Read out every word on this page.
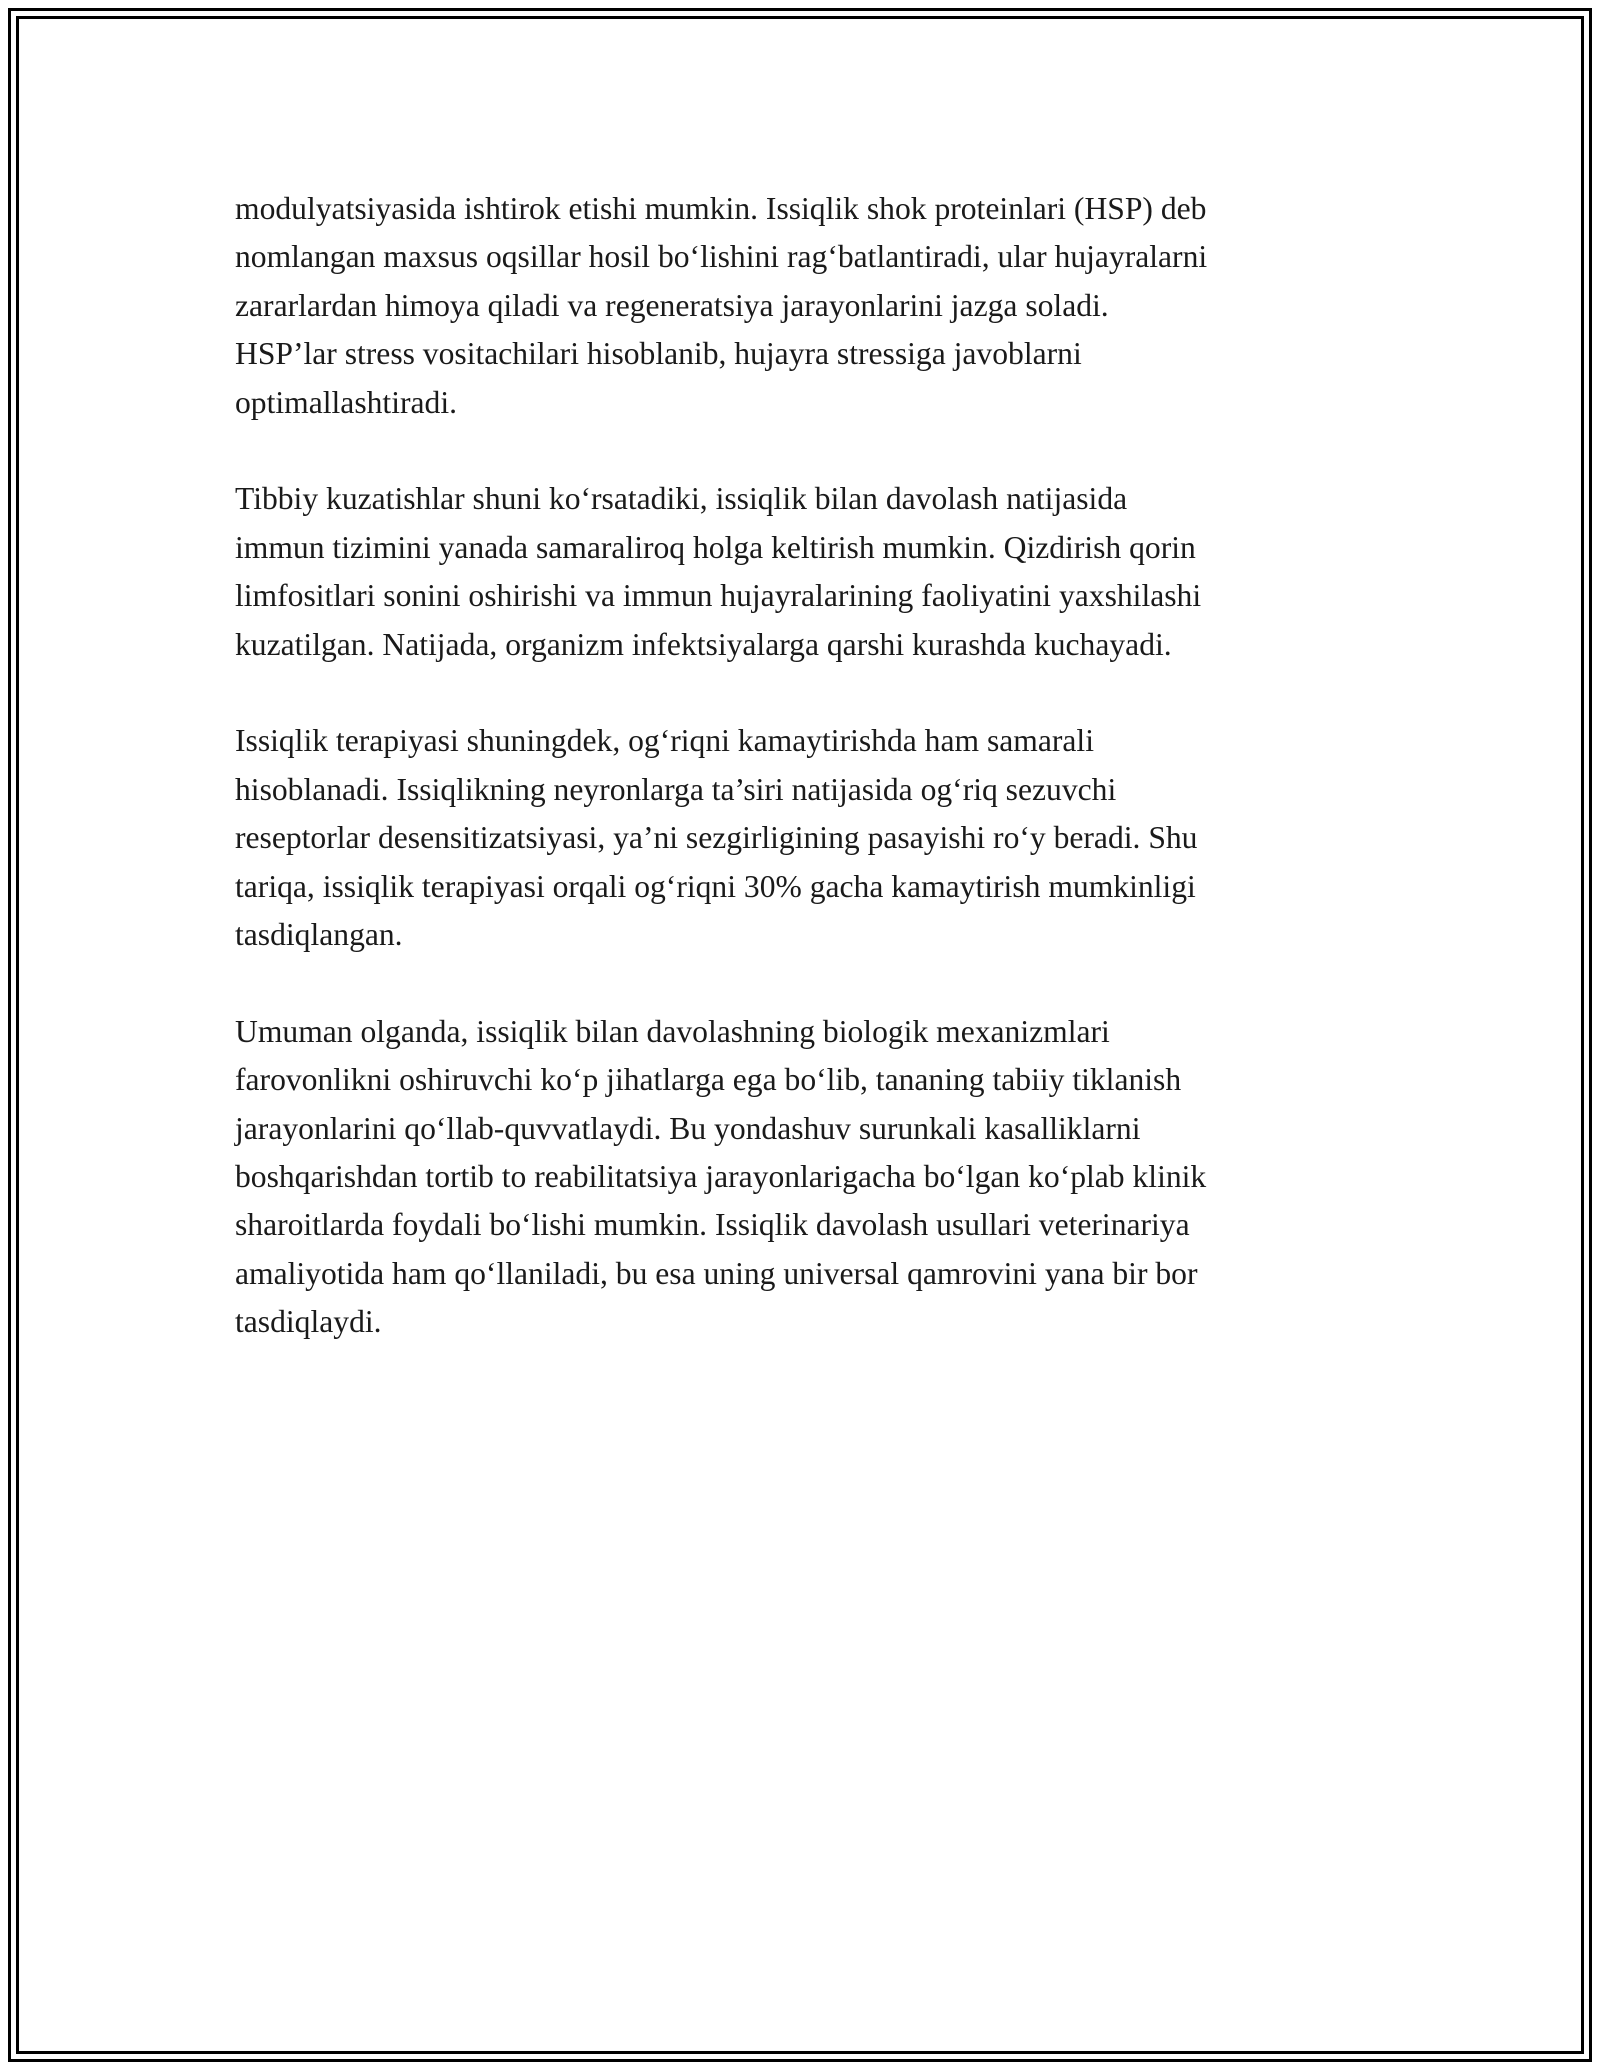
modulyatsiyasida ishtirok etishi mumkin. Issiqlik shok proteinlari (HSP) deb
nomlangan maxsus oqsillar hosil bo‘lishini rag‘batlantiradi, ular hujayralarni
zararlardan himoya qiladi va regeneratsiya jarayonlarini jazga soladi.
HSP’lar stress vositachilari hisoblanib, hujayra stressiga javoblarni
optimallashtiradi.

Tibbiy kuzatishlar shuni ko‘rsatadiki, issiqlik bilan davolash natijasida
immun tizimini yanada samaraliroq holga keltirish mumkin. Qizdirish qorin
limfositlari sonini oshirishi va immun hujayralarining faoliyatini yaxshilashi
kuzatilgan. Natijada, organizm infektsiyalarga qarshi kurashda kuchayadi.

Issiqlik terapiyasi shuningdek, og‘riqni kamaytirishda ham samarali
hisoblanadi. Issiqlikning neyronlarga ta’siri natijasida og‘riq sezuvchi
reseptorlar desensitizatsiyasi, ya’ni sezgirligining pasayishi ro‘y beradi. Shu
tariqa, issiqlik terapiyasi orqali og‘riqni 30% gacha kamaytirish mumkinligi
tasdiqlangan.

Umuman olganda, issiqlik bilan davolashning biologik mexanizmlari
farovonlikni oshiruvchi ko‘p jihatlarga ega bo‘lib, tananing tabiiy tiklanish
jarayonlarini qo‘llab-quvvatlaydi. Bu yondashuv surunkali kasalliklarni
boshqarishdan tortib to reabilitatsiya jarayonlarigacha bo‘lgan ko‘plab klinik
sharoitlarda foydali bo‘lishi mumkin. Issiqlik davolash usullari veterinariya
amaliyotida ham qo‘llaniladi, bu esa uning universal qamrovini yana bir bor
tasdiqlaydi.
